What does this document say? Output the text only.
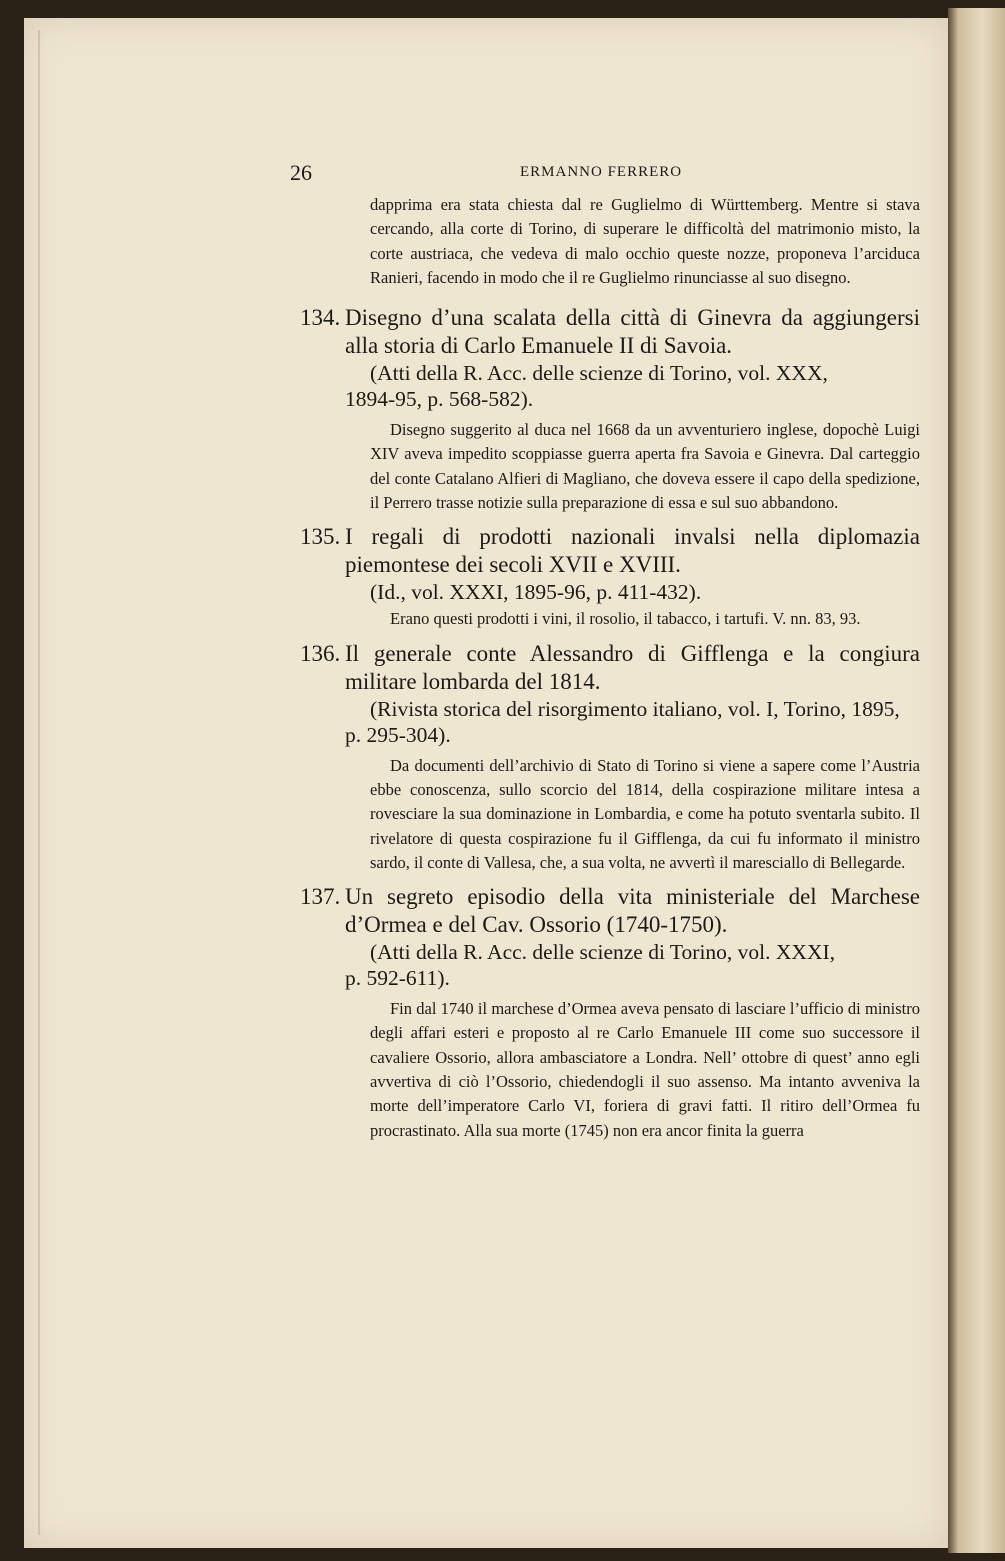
26	ERMANNO FERRERO

dapprima era stata chiesta dal re Guglielmo di Württemberg. Mentre si stava cercando, alla corte di Torino, di superare le difficoltà del matrimonio misto, la corte austriaca, che vedeva di malo occhio queste nozze, proponeva l’arciduca Ranieri, facendo in modo che il re Guglielmo rinunciasse al suo disegno.

134. Disegno d’una scalata della città di Ginevra da aggiungersi alla storia di Carlo Emanuele II di Savoia.

(Atti della R. Acc. delle scienze di Torino, vol. XXX,
1894-95, p. 568-582).

Disegno suggerito al duca nel 1668 da un avventuriero inglese, dopochè Luigi XIV aveva impedito scoppiasse guerra aperta fra Savoia e Ginevra. Dal carteggio del conte Catalano Alfieri di Magliano, che doveva essere il capo della spedizione, il Perrero trasse notizie sulla preparazione di essa e sul suo abbandono.

135. I regali di prodotti nazionali invalsi nella diplomazia piemontese dei secoli XVII e XVIII.

(Id., vol. XXXI, 1895-96, p. 411-432).

Erano questi prodotti i vini, il rosolio, il tabacco, i tartufi. V. nn. 83, 93.

136. Il generale conte Alessandro di Gifflenga e la congiura militare lombarda del 1814.

(Rivista storica del risorgimento italiano, vol. I, Torino, 1895,
p. 295-304).

Da documenti dell’archivio di Stato di Torino si viene a sapere come l’Austria ebbe conoscenza, sullo scorcio del 1814, della cospirazione militare intesa a rovesciare la sua dominazione in Lombardia, e come ha potuto sventarla subito. Il rivelatore di questa cospirazione fu il Gifflenga, da cui fu informato il ministro sardo, il conte di Vallesa, che, a sua volta, ne avvertì il maresciallo di Bellegarde.

137. Un segreto episodio della vita ministeriale del Marchese d’Ormea e del Cav. Ossorio (1740-1750).

(Atti della R. Acc. delle scienze di Torino, vol. XXXI,
p. 592-611).

Fin dal 1740 il marchese d’Ormea aveva pensato di lasciare l’ufficio di ministro degli affari esteri e proposto al re Carlo Emanuele III come suo successore il cavaliere Ossorio, allora ambasciatore a Londra. Nell’ ottobre di quest’ anno egli avvertiva di ciò l’Ossorio, chiedendogli il suo assenso. Ma intanto avveniva la morte dell’imperatore Carlo VI, foriera di gravi fatti. Il ritiro dell’Ormea fu procrastinato. Alla sua morte (1745) non era ancor finita la guerra
